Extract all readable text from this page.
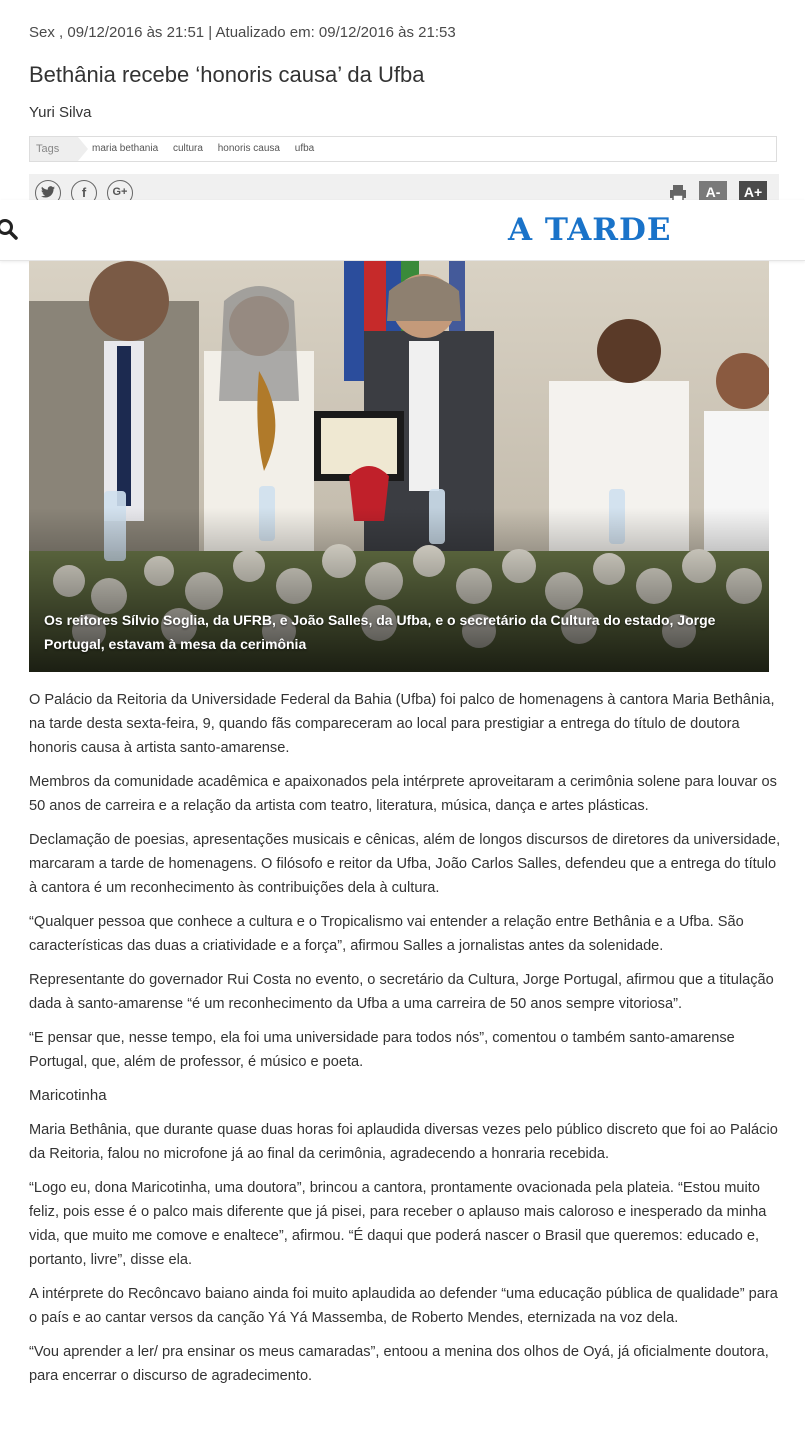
Sex , 09/12/2016 às 21:51 | Atualizado em: 09/12/2016 às 21:53
Bethânia recebe ‘honoris causa’ da Ufba
Yuri Silva
Tags	maria bethania cultura honoris causa ufba
f	G+	A-	A+
A TARDE
Os reitores Sílvio Soglia, da UFRB, e João Salles, da Ufba, e o secretário da Cultura do estado, Jorge Portugal, estavam à mesa da cerimônia

O Palácio da Reitoria da Universidade Federal da Bahia (Ufba) foi palco de homenagens à cantora Maria Bethânia, na tarde desta sexta-feira, 9, quando fãs compareceram ao local para prestigiar a entrega do título de doutora honoris causa à artista santo-amarense.

Membros da comunidade acadêmica e apaixonados pela intérprete aproveitaram a cerimônia solene para louvar os 50 anos de carreira e a relação da artista com teatro, literatura, música, dança e artes plásticas.

Declamação de poesias, apresentações musicais e cênicas, além de longos discursos de diretores da universidade, marcaram a tarde de homenagens. O filósofo e reitor da Ufba, João Carlos Salles, defendeu que a entrega do título à cantora é um reconhecimento às contribuições dela à cultura.

“Qualquer pessoa que conhece a cultura e o Tropicalismo vai entender a relação entre Bethânia e a Ufba. São características das duas a criatividade e a força”, afirmou Salles a jornalistas antes da solenidade.

Representante do governador Rui Costa no evento, o secretário da Cultura, Jorge Portugal, afirmou que a titulação dada à santo-amarense “é um reconhecimento da Ufba a uma carreira de 50 anos sempre vitoriosa”.

“E pensar que, nesse tempo, ela foi uma universidade para todos nós”, comentou o também santo-amarense Portugal, que, além de professor, é músico e poeta.

Maricotinha

Maria Bethânia, que durante quase duas horas foi aplaudida diversas vezes pelo público discreto que foi ao Palácio da Reitoria, falou no microfone já ao final da cerimônia, agradecendo a honraria recebida.

“Logo eu, dona Maricotinha, uma doutora”, brincou a cantora, prontamente ovacionada pela plateia. “Estou muito feliz, pois esse é o palco mais diferente que já pisei, para receber o aplauso mais caloroso e inesperado da minha vida, que muito me comove e enaltece”, afirmou. “É daqui que poderá nascer o Brasil que queremos: educado e, portanto, livre”, disse ela.

A intérprete do Recôncavo baiano ainda foi muito aplaudida ao defender “uma educação pública de qualidade” para o país e ao cantar versos da canção Yá Yá Massemba, de Roberto Mendes, eternizada na voz dela.

“Vou aprender a ler/ pra ensinar os meus camaradas”, entoou a menina dos olhos de Oyá, já oficialmente doutora, para encerrar o discurso de agradecimento.
